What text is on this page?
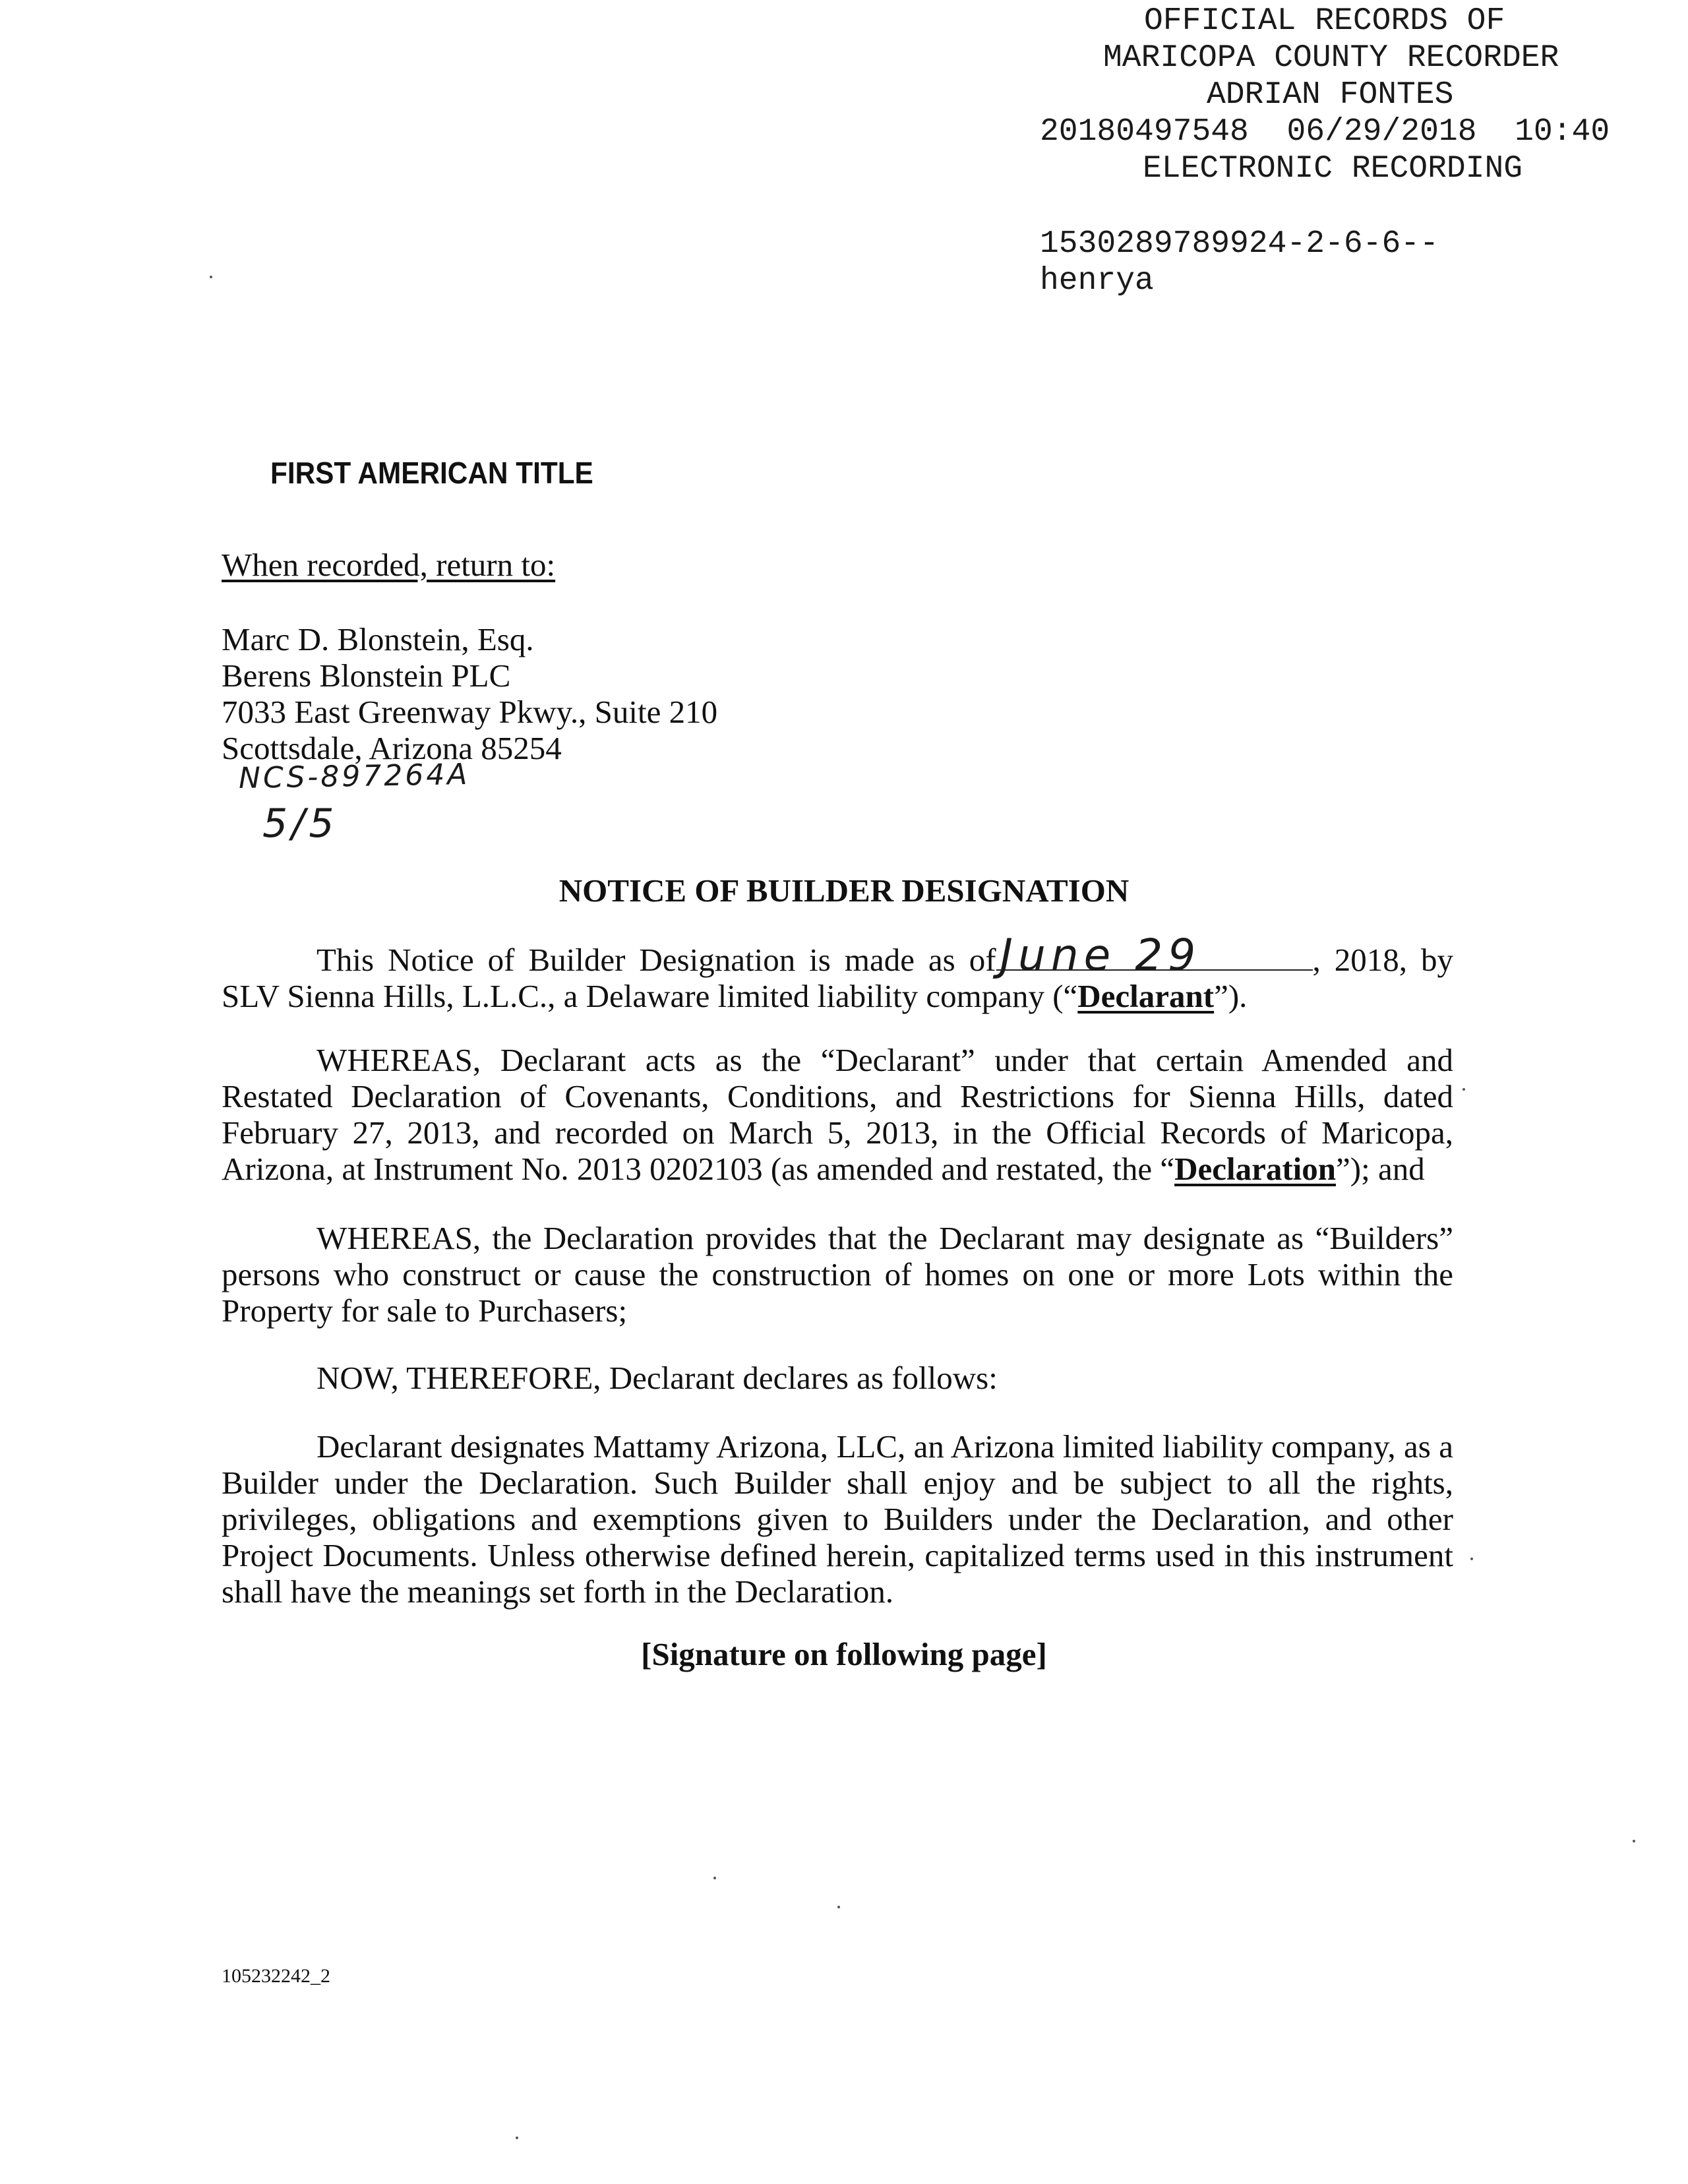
OFFICIAL RECORDS OF

MARICOPA COUNTY RECORDER

ADRIAN FONTES

20180497548  06/29/2018  10:40

ELECTRONIC RECORDING

1530289789924-2-6-6--

henrya

FIRST AMERICAN TITLE
When recorded, return to:
Marc D. Blonstein, Esq.
Berens Blonstein PLC
7033 East Greenway Pkwy., Suite 210
Scottsdale, Arizona 85254
NCS-897264A
5/5
NOTICE OF BUILDER DESIGNATION
This Notice of Builder Designation is made as of June 29	, 2018, by SLV Sienna Hills, L.L.C., a Delaware limited liability company (“Declarant”).
WHEREAS, Declarant acts as the “Declarant” under that certain Amended and Restated Declaration of Covenants, Conditions, and Restrictions for Sienna Hills, dated February 27, 2013, and recorded on March 5, 2013, in the Official Records of Maricopa, Arizona, at Instrument No. 2013 0202103 (as amended and restated, the “Declaration”); and
WHEREAS, the Declaration provides that the Declarant may designate as “Builders” persons who construct or cause the construction of homes on one or more Lots within the Property for sale to Purchasers;
NOW, THEREFORE, Declarant declares as follows:
Declarant designates Mattamy Arizona, LLC, an Arizona limited liability company, as a Builder under the Declaration. Such Builder shall enjoy and be subject to all the rights, privileges, obligations and exemptions given to Builders under the Declaration, and other Project Documents. Unless otherwise defined herein, capitalized terms used in this instrument shall have the meanings set forth in the Declaration.
[Signature on following page]
105232242_2
